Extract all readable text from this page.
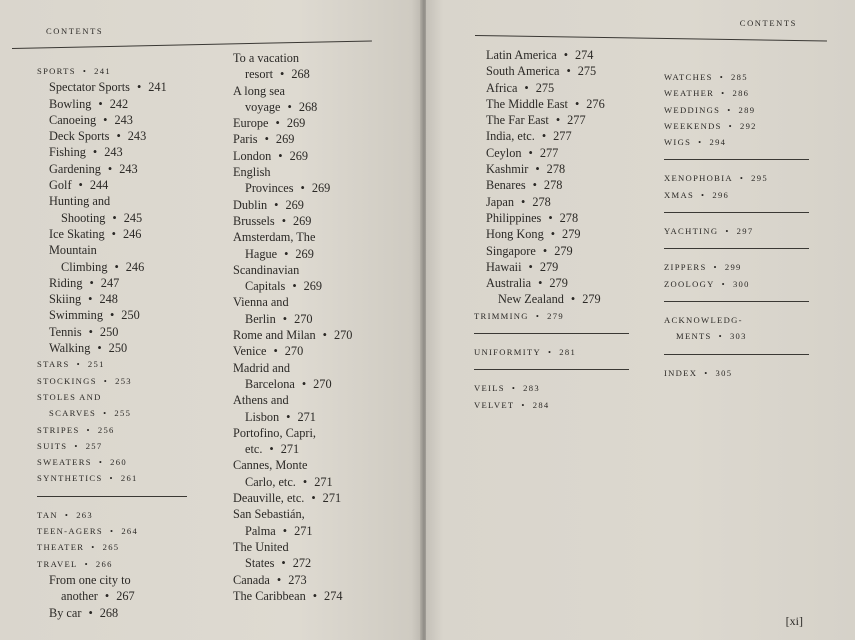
CONTENTS
SPORTS • 241
Spectator Sports • 241
Bowling • 242
Canoeing • 243
Deck Sports • 243
Fishing • 243
Gardening • 243
Golf • 244
Hunting and
Shooting • 245
Ice Skating • 246
Mountain
Climbing • 246
Riding • 247
Skiing • 248
Swimming • 250
Tennis • 250
Walking • 250
STARS • 251
STOCKINGS • 253
STOLES AND
SCARVES • 255
STRIPES • 256
SUITS • 257
SWEATERS • 260
SYNTHETICS • 261
TAN • 263
TEEN-AGERS • 264
THEATER • 265
TRAVEL • 266
From one city to
another • 267
By car • 268
To a vacation
resort • 268
A long sea
voyage • 268
Europe • 269
Paris • 269
London • 269
English
Provinces • 269
Dublin • 269
Brussels • 269
Amsterdam, The
Hague • 269
Scandinavian
Capitals • 269
Vienna and
Berlin • 270
Rome and Milan • 270
Venice • 270
Madrid and
Barcelona • 270
Athens and
Lisbon • 271
Portofino, Capri,
etc. • 271
Cannes, Monte
Carlo, etc. • 271
Deauville, etc. • 271
San Sebastián,
Palma • 271
The United
States • 272
Canada • 273
The Caribbean • 274
CONTENTS
Latin America • 274
South America • 275
Africa • 275
The Middle East • 276
The Far East • 277
India, etc. • 277
Ceylon • 277
Kashmir • 278
Benares • 278
Japan • 278
Philippines • 278
Hong Kong • 279
Singapore • 279
Hawaii • 279
Australia • 279
New Zealand • 279
TRIMMING • 279
UNIFORMITY • 281
VEILS • 283
VELVET • 284
WATCHES • 285
WEATHER • 286
WEDDINGS • 289
WEEKENDS • 292
WIGS • 294
XENOPHOBIA • 295
XMAS • 296
YACHTING • 297
ZIPPERS • 299
ZOOLOGY • 300
ACKNOWLEDG-
MENTS • 303
INDEX • 305
[xi]
